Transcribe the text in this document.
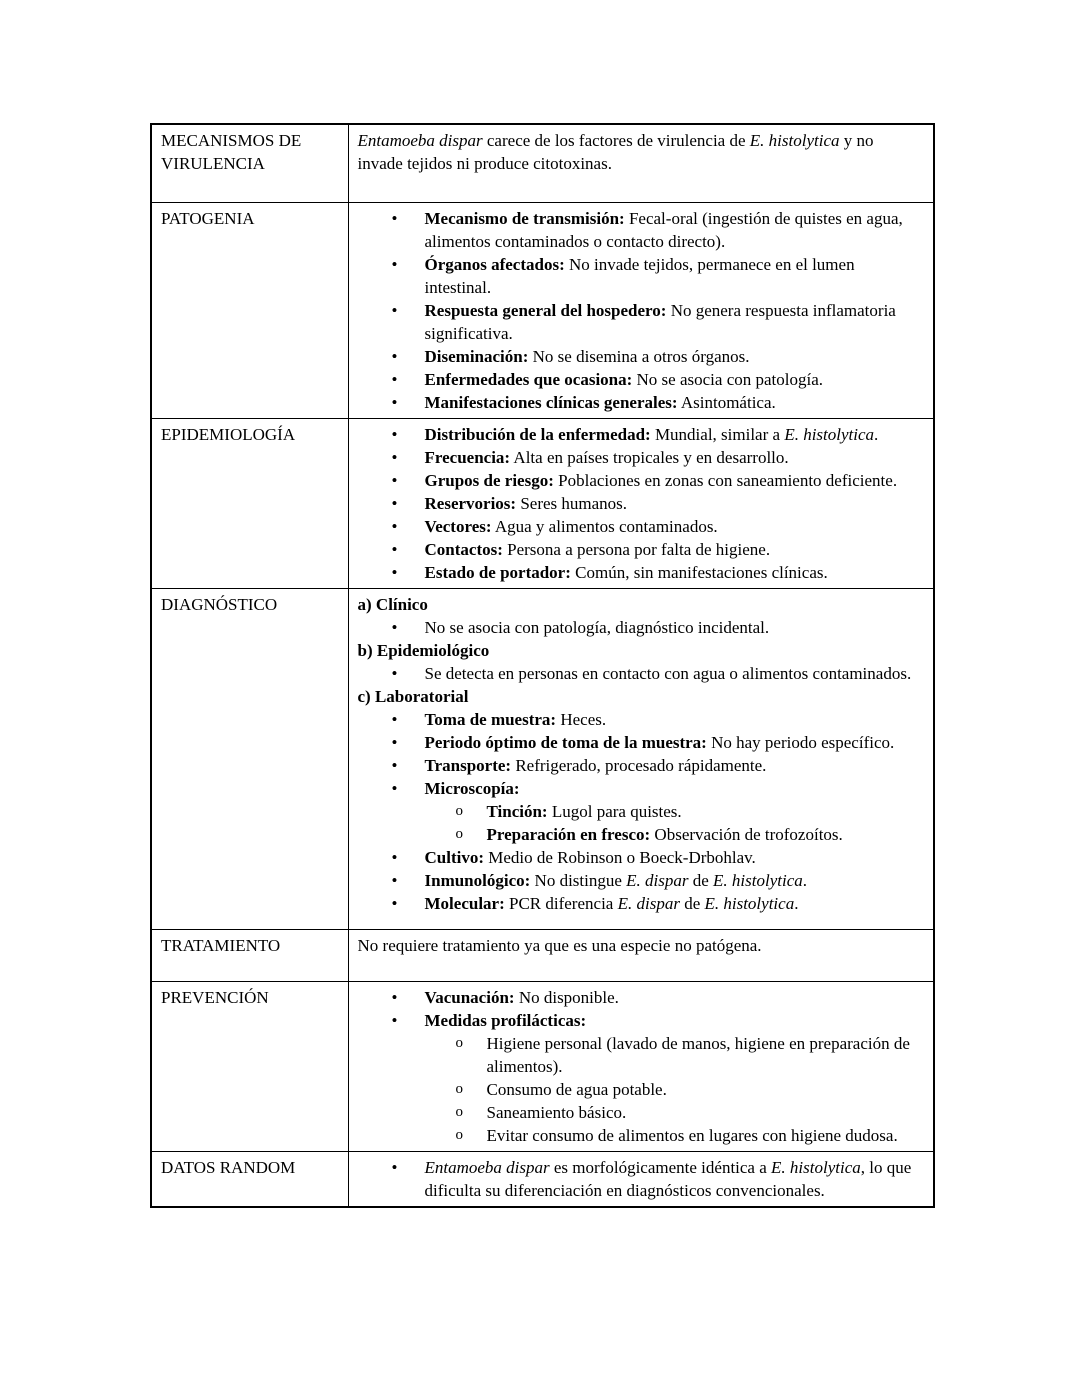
MECANISMOS DE VIRULENCIA	Entamoeba dispar carece de los factores de virulencia de E. histolytica y no invade tejidos ni produce citotoxinas.

PATOGENIA	•	Mecanismo de transmisión: Fecal-oral (ingestión de quistes en agua, alimentos contaminados o contacto directo).
•	Órganos afectados: No invade tejidos, permanece en el lumen intestinal.
•	Respuesta general del hospedero: No genera respuesta inflamatoria significativa.
•	Diseminación: No se disemina a otros órganos.
•	Enfermedades que ocasiona: No se asocia con patología.
•	Manifestaciones clínicas generales: Asintomática.

EPIDEMIOLOGÍA	•	Distribución de la enfermedad: Mundial, similar a E. histolytica.
•	Frecuencia: Alta en países tropicales y en desarrollo.
•	Grupos de riesgo: Poblaciones en zonas con saneamiento deficiente.
•	Reservorios: Seres humanos.
•	Vectores: Agua y alimentos contaminados.
•	Contactos: Persona a persona por falta de higiene.
•	Estado de portador: Común, sin manifestaciones clínicas.

DIAGNÓSTICO	a) Clínico
•	No se asocia con patología, diagnóstico incidental.
b) Epidemiológico
•	Se detecta en personas en contacto con agua o alimentos contaminados.
c) Laboratorial
•	Toma de muestra: Heces.
•	Periodo óptimo de toma de la muestra: No hay periodo específico.
•	Transporte: Refrigerado, procesado rápidamente.
•	Microscopía:
o	Tinción: Lugol para quistes.
o	Preparación en fresco: Observación de trofozoítos.
•	Cultivo: Medio de Robinson o Boeck-Drbohlav.
•	Inmunológico: No distingue E. dispar de E. histolytica.
•	Molecular: PCR diferencia E. dispar de E. histolytica.

TRATAMIENTO	No requiere tratamiento ya que es una especie no patógena.

PREVENCIÓN	•	Vacunación: No disponible.
•	Medidas profilácticas:
o	Higiene personal (lavado de manos, higiene en preparación de alimentos).
o	Consumo de agua potable.
o	Saneamiento básico.
o	Evitar consumo de alimentos en lugares con higiene dudosa.

DATOS RANDOM	• Entamoeba dispar es morfológicamente idéntica a E. histolytica, lo que dificulta su diferenciación en diagnósticos convencionales.
